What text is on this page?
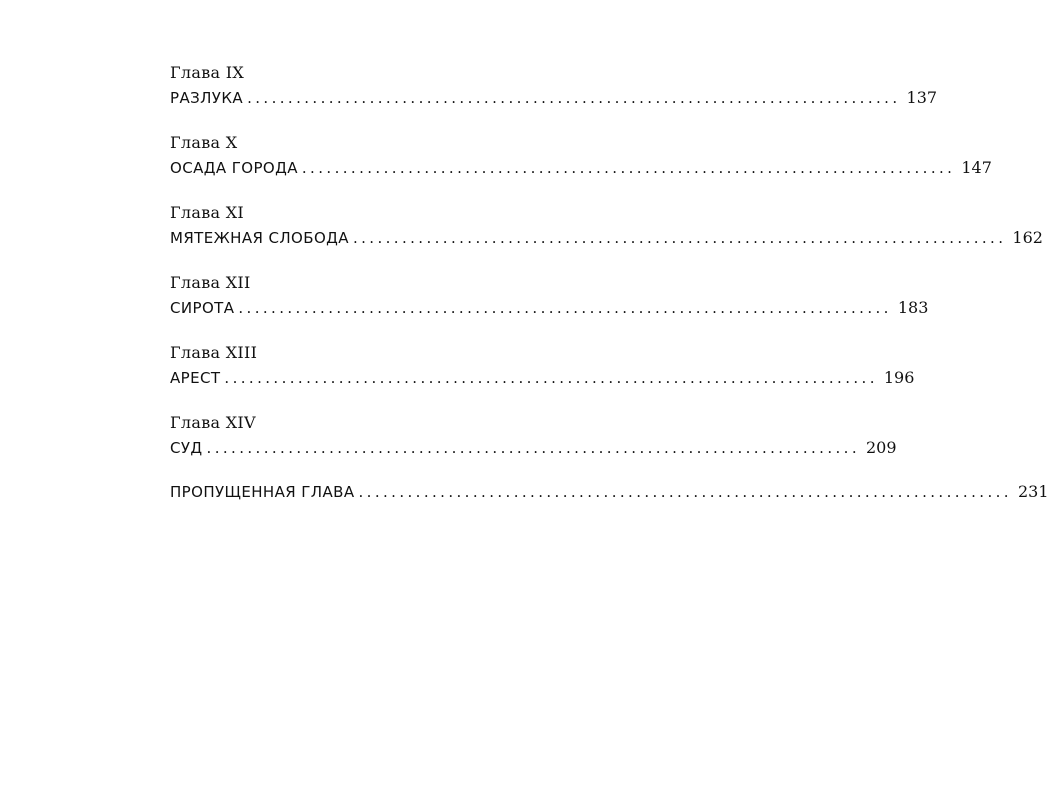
Глава IX
РАЗЛУКА ................................................................................ 137
Глава X
ОСАДА ГОРОДА ................................................................................ 147
Глава XI
МЯТЕЖНАЯ СЛОБОДА ................................................................................ 162
Глава XII
СИРОТА ................................................................................ 183
Глава XIII
АРЕСТ ................................................................................ 196
Глава XIV
СУД ................................................................................ 209
ПРОПУЩЕННАЯ ГЛАВА ................................................................................ 231
